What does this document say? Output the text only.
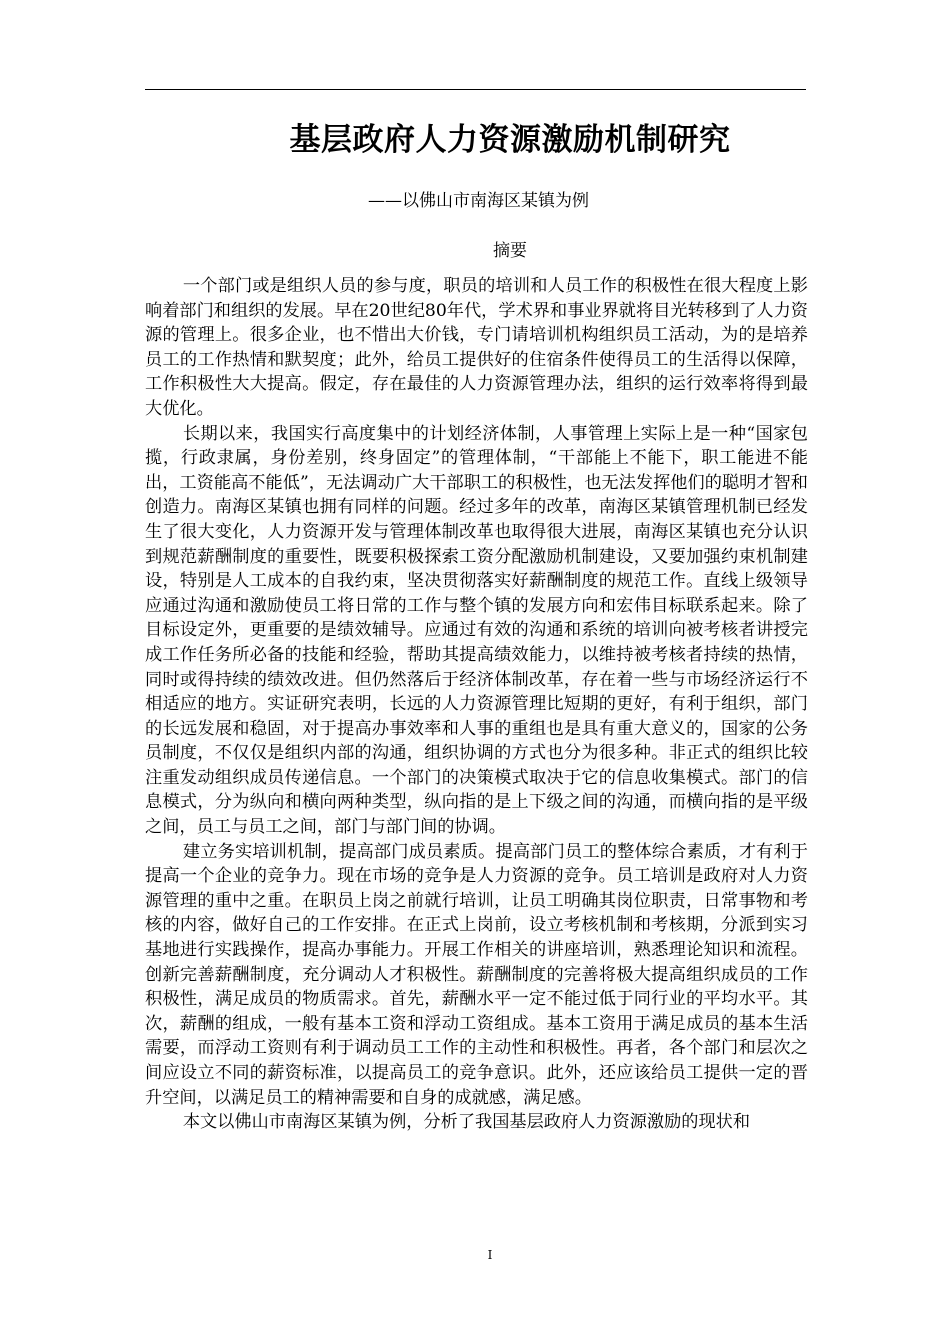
基层政府人力资源激励机制研究
——以佛山市南海区某镇为例
摘要

一个部门或是组织人员的参与度，职员的培训和人员工作的积极性在很大程度上影响着部门和组织的发展。早在20世纪80年代，学术界和事业界就将目光转移到了人力资源的管理上。很多企业，也不惜出大价钱，专门请培训机构组织员工活动，为的是培养员工的工作热情和默契度；此外，给员工提供好的住宿条件使得员工的生活得以保障，工作积极性大大提高。假定，存在最佳的人力资源管理办法，组织的运行效率将得到最大优化。

长期以来，我国实行高度集中的计划经济体制，人事管理上实际上是一种“国家包揽，行政隶属，身份差别，终身固定”的管理体制，“干部能上不能下，职工能进不能出，工资能高不能低”，无法调动广大干部职工的积极性，也无法发挥他们的聪明才智和创造力。南海区某镇也拥有同样的问题。经过多年的改革，南海区某镇管理机制已经发生了很大变化，人力资源开发与管理体制改革也取得很大进展，南海区某镇也充分认识到规范薪酬制度的重要性，既要积极探索工资分配激励机制建设，又要加强约束机制建设，特别是人工成本的自我约束，坚决贯彻落实好薪酬制度的规范工作。直线上级领导应通过沟通和激励使员工将日常的工作与整个镇的发展方向和宏伟目标联系起来。除了目标设定外，更重要的是绩效辅导。应通过有效的沟通和系统的培训向被考核者讲授完成工作任务所必备的技能和经验，帮助其提高绩效能力，以维持被考核者持续的热情，同时或得持续的绩效改进。但仍然落后于经济体制改革，存在着一些与市场经济运行不相适应的地方。实证研究表明，长远的人力资源管理比短期的更好，有利于组织，部门的长远发展和稳固，对于提高办事效率和人事的重组也是具有重大意义的，国家的公务员制度，不仅仅是组织内部的沟通，组织协调的方式也分为很多种。非正式的组织比较注重发动组织成员传递信息。一个部门的决策模式取决于它的信息收集模式。部门的信息模式，分为纵向和横向两种类型，纵向指的是上下级之间的沟通，而横向指的是平级之间，员工与员工之间，部门与部门间的协调。

建立务实培训机制，提高部门成员素质。提高部门员工的整体综合素质，才有利于提高一个企业的竞争力。现在市场的竞争是人力资源的竞争。员工培训是政府对人力资源管理的重中之重。在职员上岗之前就行培训，让员工明确其岗位职责，日常事物和考核的内容，做好自己的工作安排。在正式上岗前，设立考核机制和考核期，分派到实习基地进行实践操作，提高办事能力。开展工作相关的讲座培训，熟悉理论知识和流程。创新完善薪酬制度，充分调动人才积极性。薪酬制度的完善将极大提高组织成员的工作积极性，满足成员的物质需求。首先，薪酬水平一定不能过低于同行业的平均水平。其次，薪酬的组成，一般有基本工资和浮动工资组成。基本工资用于满足成员的基本生活需要，而浮动工资则有利于调动员工工作的主动性和积极性。再者，各个部门和层次之间应设立不同的薪资标准，以提高员工的竞争意识。此外，还应该给员工提供一定的晋升空间，以满足员工的精神需要和自身的成就感，满足感。

本文以佛山市南海区某镇为例，分析了我国基层政府人力资源激励的现状和

I
